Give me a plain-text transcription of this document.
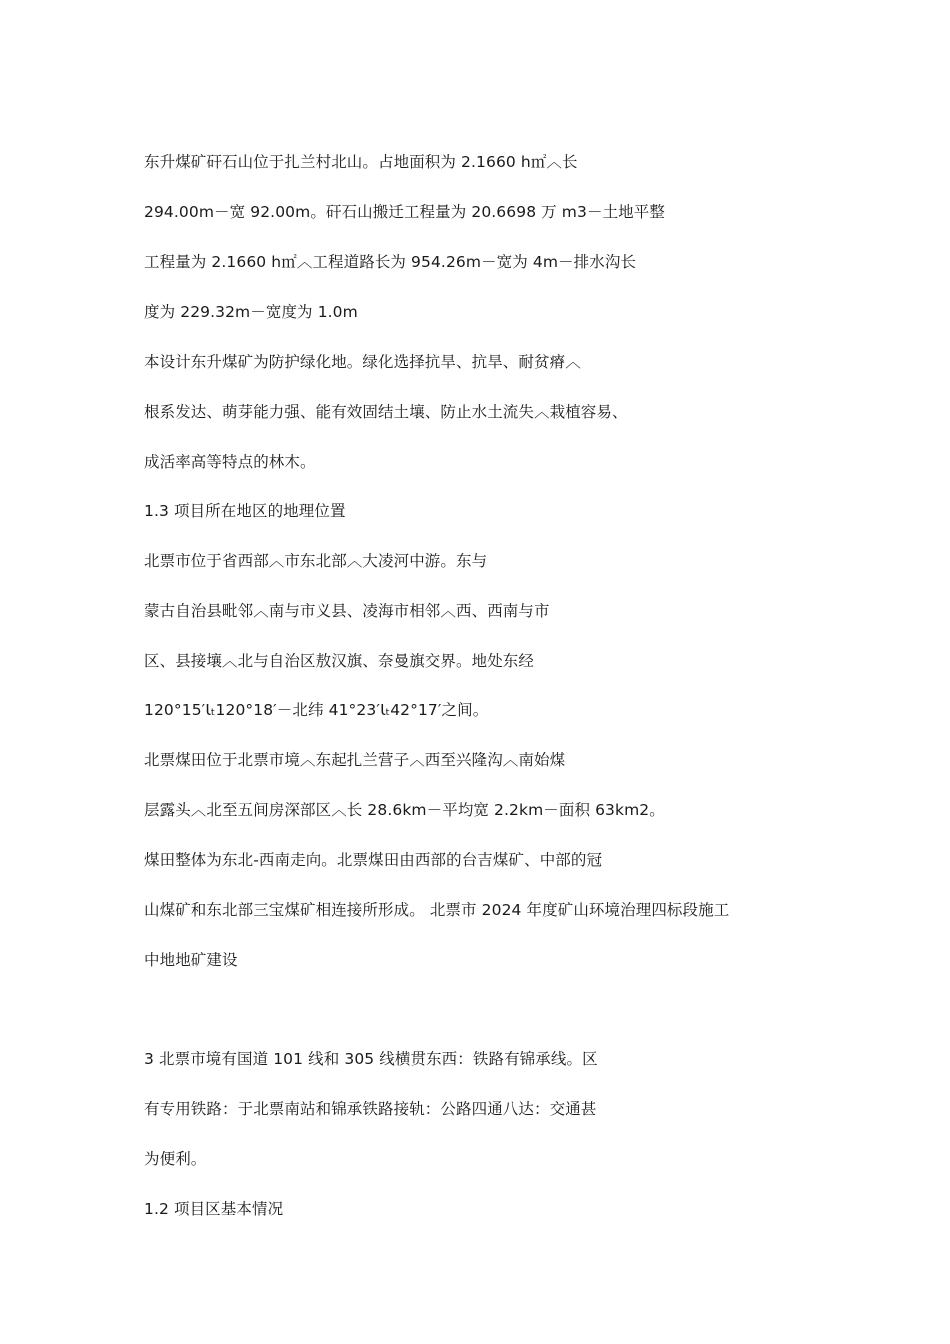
东升煤矿矸石山位于扎兰村北山。占地面积为 2.1660 h㎡︿长
294.00m－宽 92.00m。矸石山搬迁工程量为 20.6698 万 m3－土地平整
工程量为 2.1660 h㎡︿工程道路长为 954.26m－宽为 4m－排水沟长
度为 229.32m－宽度为 1.0m
本设计东升煤矿为防护绿化地。绿化选择抗旱、抗旱、耐贫瘠︿
根系发达、萌芽能力强、能有效固结土壤、防止水土流失︿栽植容易、
成活率高等特点的林木。
1.3 项目所在地区的地理位置
北票市位于省西部︿市东北部︿大凌河中游。东与
蒙古自治县毗邻︿南与市义县、凌海市相邻︿西、西南与市
区、县接壤︿北与自治区敖汉旗、奈曼旗交界。地处东经
120°15′Ɩₜ120°18′－北纬 41°23′Ɩₜ42°17′之间。
北票煤田位于北票市境︿东起扎兰营子︿西至兴隆沟︿南始煤
层露头︿北至五间房深部区︿长 28.6km－平均宽 2.2km－面积 63km2。
煤田整体为东北-西南走向。北票煤田由西部的台吉煤矿、中部的冠
山煤矿和东北部三宝煤矿相连接所形成。 北票市 2024 年度矿山环境治理四标段施工
中地地矿建设
3 北票市境有国道 101 线和 305 线横贯东西：铁路有锦承线。区
有专用铁路：于北票南站和锦承铁路接轨：公路四通八达：交通甚
为便利。
1.2 项目区基本情况
